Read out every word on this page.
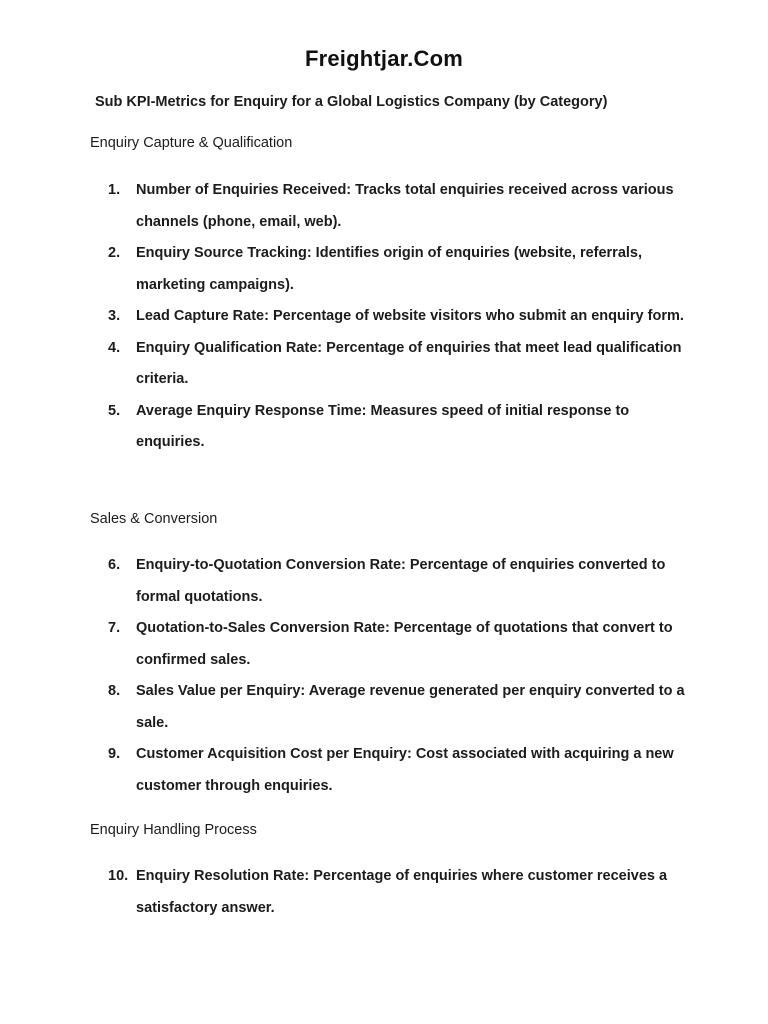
Freightjar.Com
Sub KPI-Metrics for Enquiry for a Global Logistics Company (by Category)
Enquiry Capture & Qualification
1.	Number of Enquiries Received: Tracks total enquiries received across various channels (phone, email, web).
2.	Enquiry Source Tracking: Identifies origin of enquiries (website, referrals, marketing campaigns).
3.	Lead Capture Rate: Percentage of website visitors who submit an enquiry form.
4.	Enquiry Qualification Rate: Percentage of enquiries that meet lead qualification criteria.
5.	Average Enquiry Response Time: Measures speed of initial response to enquiries.
Sales & Conversion
6.	Enquiry-to-Quotation Conversion Rate: Percentage of enquiries converted to formal quotations.
7.	Quotation-to-Sales Conversion Rate: Percentage of quotations that convert to confirmed sales.
8.	Sales Value per Enquiry: Average revenue generated per enquiry converted to a sale.
9.	Customer Acquisition Cost per Enquiry: Cost associated with acquiring a new customer through enquiries.
Enquiry Handling Process
10. Enquiry Resolution Rate: Percentage of enquiries where customer receives a satisfactory answer.
